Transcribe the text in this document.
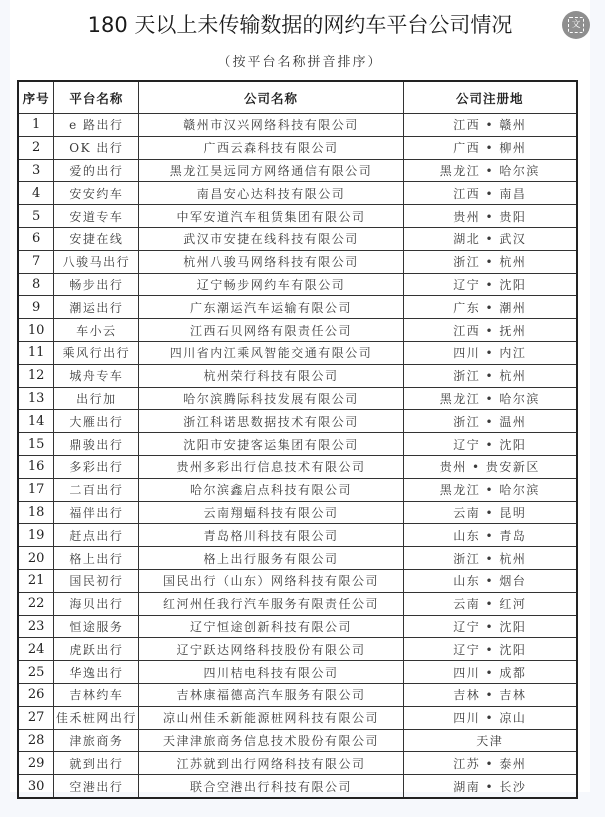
180 天以上未传输数据的网约车平台公司情况
（按平台名称拼音排序）
文
序号	平台名称	公司名称	公司注册地
1	e 路出行	赣州市汉兴网络科技有限公司	江西 • 赣州
2	OK 出行	广西云森科技有限公司	广西 • 柳州
3	爱的出行	黑龙江昊远同方网络通信有限公司	黑龙江 • 哈尔滨
4	安安约车	南昌安心达科技有限公司	江西 • 南昌
5	安道专车	中军安道汽车租赁集团有限公司	贵州 • 贵阳
6	安捷在线	武汉市安捷在线科技有限公司	湖北 • 武汉
7	八骏马出行	杭州八骏马网络科技有限公司	浙江 • 杭州
8	畅步出行	辽宁畅步网约车有限公司	辽宁 • 沈阳
9	潮运出行	广东潮运汽车运输有限公司	广东 • 潮州
10	车小云	江西石贝网络有限责任公司	江西 • 抚州
11	乘风行出行	四川省内江乘风智能交通有限公司	四川 • 内江
12	城舟专车	杭州荣行科技有限公司	浙江 • 杭州
13	出行加	哈尔滨腾际科技发展有限公司	黑龙江 • 哈尔滨
14	大雁出行	浙江科诺思数据技术有限公司	浙江 • 温州
15	鼎骏出行	沈阳市安捷客运集团有限公司	辽宁 • 沈阳
16	多彩出行	贵州多彩出行信息技术有限公司	贵州 • 贵安新区
17	二百出行	哈尔滨鑫启点科技有限公司	黑龙江 • 哈尔滨
18	福伴出行	云南翔蝠科技有限公司	云南 • 昆明
19	赶点出行	青岛格川科技有限公司	山东 • 青岛
20	格上出行	格上出行服务有限公司	浙江 • 杭州
21	国民初行	国民出行（山东）网络科技有限公司	山东 • 烟台
22	海贝出行	红河州任我行汽车服务有限责任公司	云南 • 红河
23	恒途服务	辽宁恒途创新科技有限公司	辽宁 • 沈阳
24	虎跃出行	辽宁跃达网络科技股份有限公司	辽宁 • 沈阳
25	华逸出行	四川桔电科技有限公司	四川 • 成都
26	吉林约车	吉林康福德高汽车服务有限公司	吉林 • 吉林
27	佳禾桩网出行	凉山州佳禾新能源桩网科技有限公司	四川 • 凉山
28	津旅商务	天津津旅商务信息技术股份有限公司	天津
29	就到出行	江苏就到出行网络科技有限公司	江苏 • 泰州
30	空港出行	联合空港出行科技有限公司	湖南 • 长沙
